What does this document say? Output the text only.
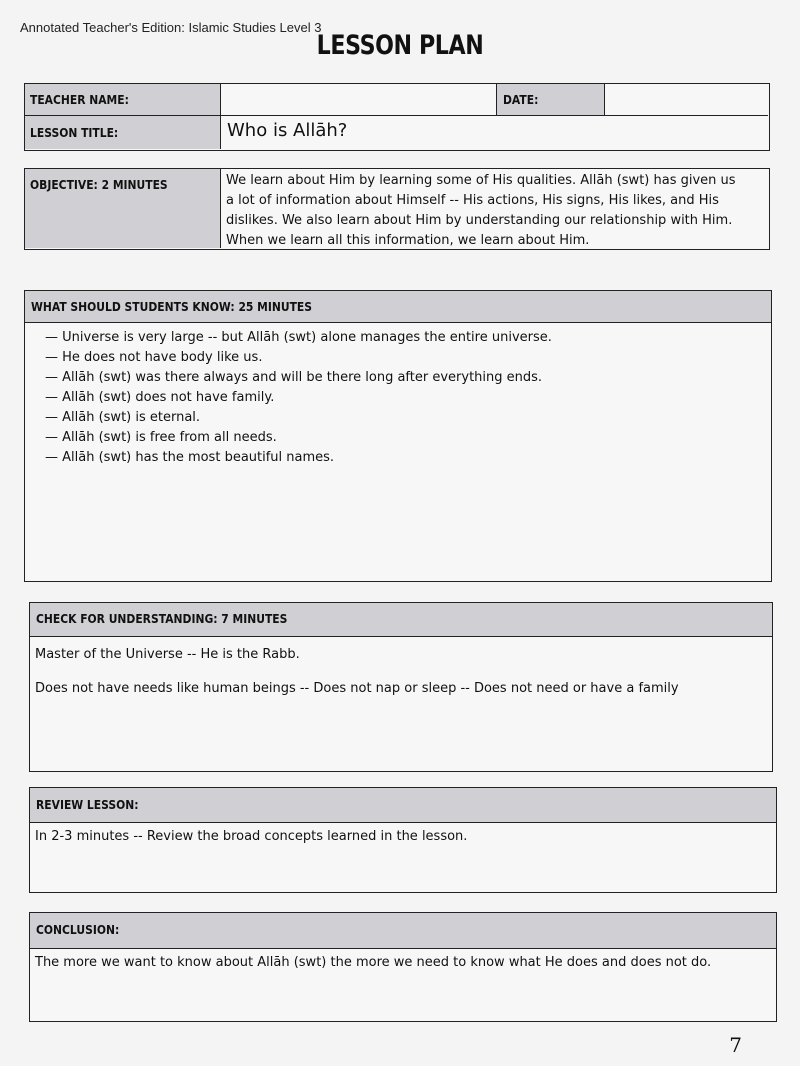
Annotated Teacher's Edition: Islamic Studies Level 3
LESSON PLAN
TEACHER NAME:	DATE:
LESSON TITLE:	Who is Allāh?
OBJECTIVE: 2 MINUTES	We learn about Him by learning some of His qualities. Allāh (swt) has given us
a lot of information about Himself -- His actions, His signs, His likes, and His
dislikes. We also learn about Him by understanding our relationship with Him.
When we learn all this information, we learn about Him.
WHAT SHOULD STUDENTS KNOW: 25 MINUTES
— Universe is very large -- but Allāh (swt) alone manages the entire universe.
— He does not have body like us.
— Allāh (swt) was there always and will be there long after everything ends.
— Allāh (swt) does not have family.
— Allāh (swt) is eternal.
— Allāh (swt) is free from all needs.
— Allāh (swt) has the most beautiful names.
CHECK FOR UNDERSTANDING: 7 MINUTES
Master of the Universe -- He is the Rabb.
Does not have needs like human beings -- Does not nap or sleep -- Does not need or have a family
REVIEW LESSON:
In 2-3 minutes -- Review the broad concepts learned in the lesson.
CONCLUSION:
The more we want to know about Allāh (swt) the more we need to know what He does and does not do.
7
